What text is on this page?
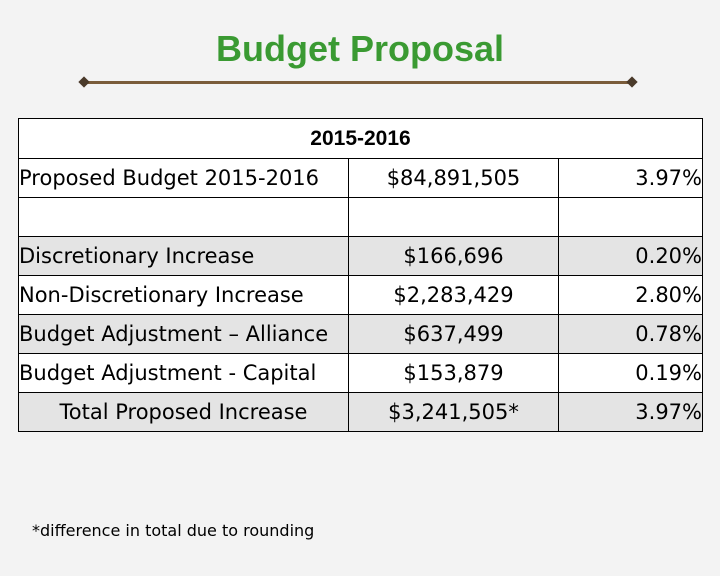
Budget Proposal
2015-2016		
Proposed Budget 2015-2016	$84,891,505	3.97%

Discretionary Increase	$166,696	0.20%
Non-Discretionary Increase	$2,283,429	2.80%
Budget Adjustment – Alliance	$637,499	0.78%
Budget Adjustment - Capital	$153,879	0.19%
Total Proposed Increase	$3,241,505*	3.97%
*difference in total due to rounding
